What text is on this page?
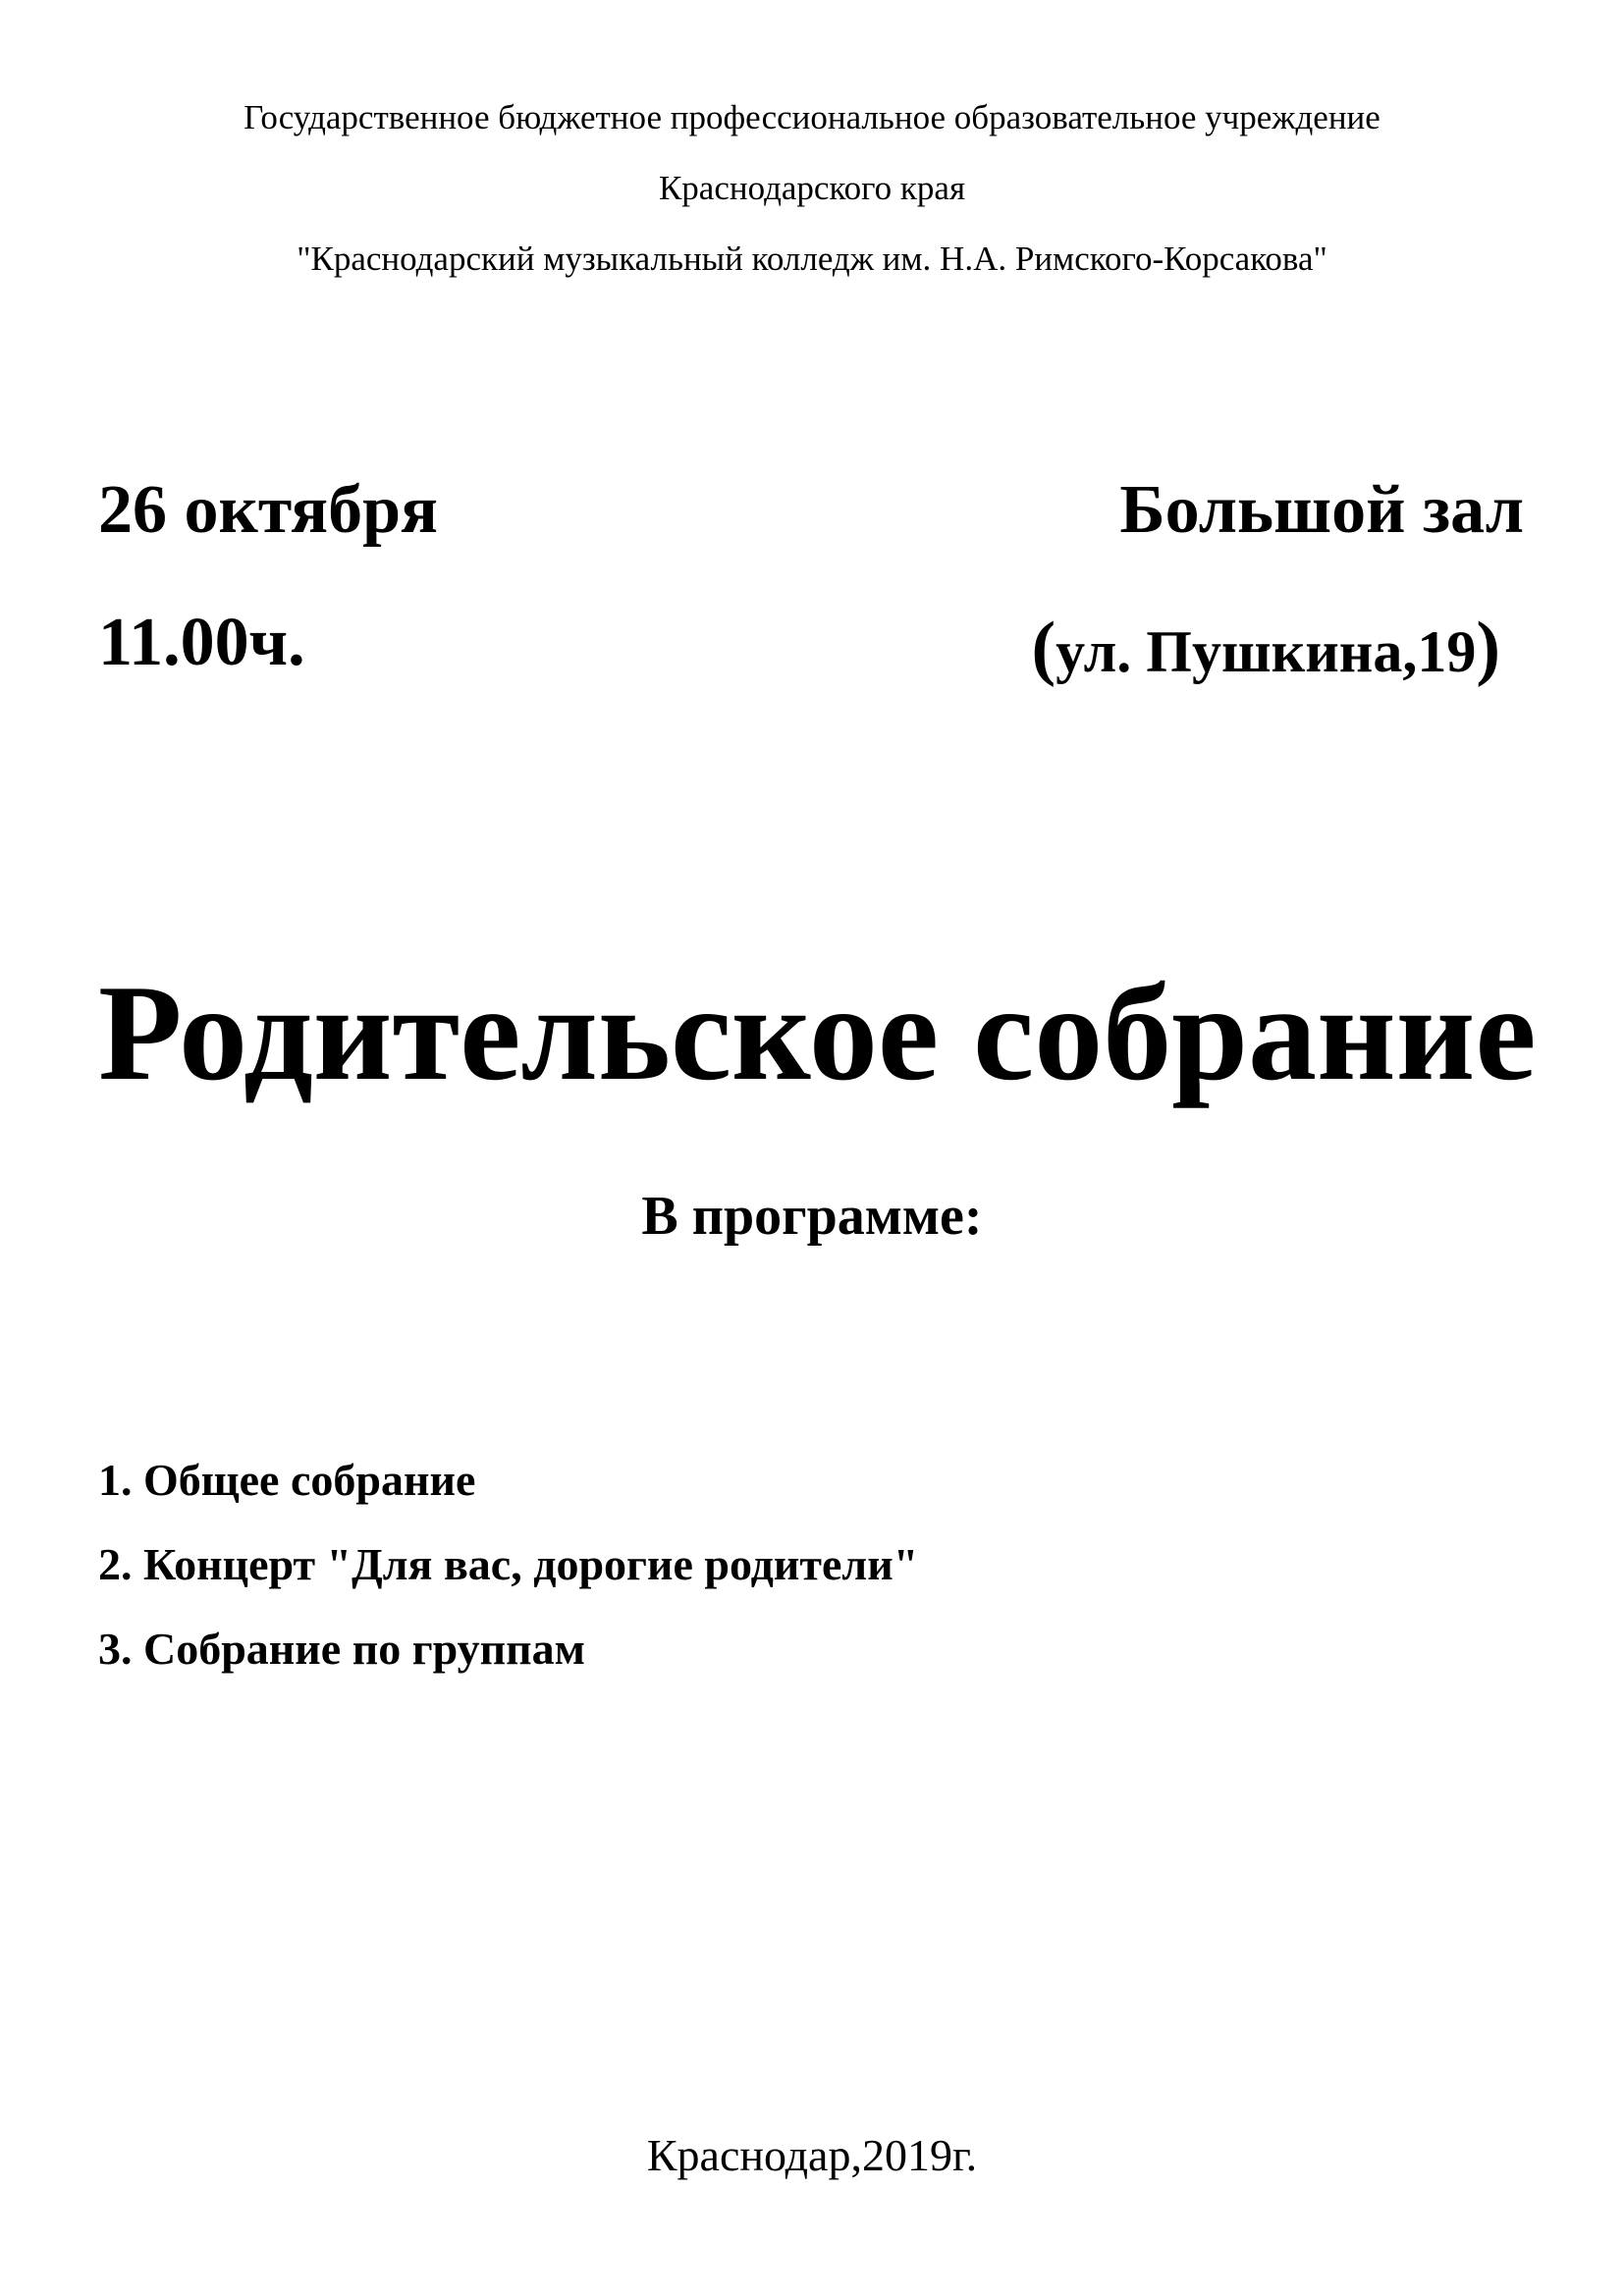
Государственное бюджетное профессиональное образовательное учреждение
Краснодарского края
"Краснодарский музыкальный колледж им. Н.А. Римского-Корсакова"
26 октября
11.00ч.
Большой зал
(ул. Пушкина,19)
Родительское собрание
В программе:
1. Общее собрание
2. Концерт "Для вас, дорогие родители"
3. Собрание по группам
Краснодар,2019г.
